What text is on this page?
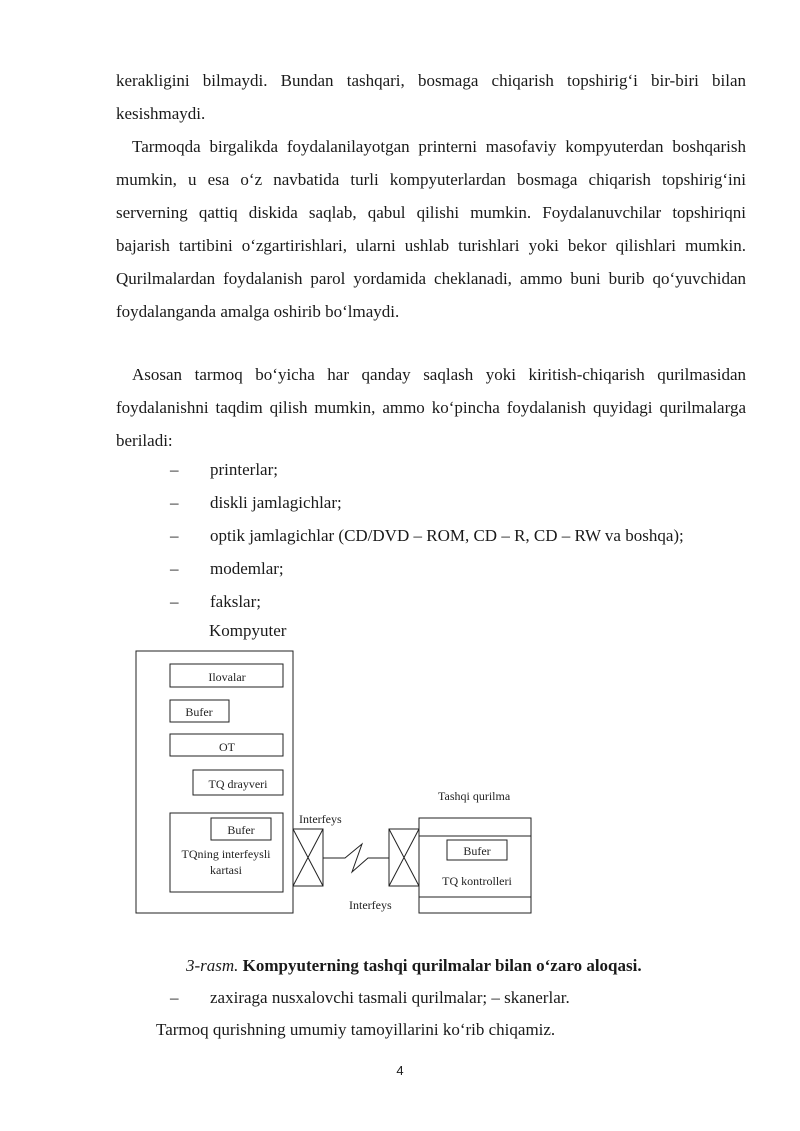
kerakligini bilmaydi. Bundan tashqari, bosmaga chiqarish topshirig‘i bir-biri bilan kesishmaydi.

Tarmoqda birgalikda foydalanilayotgan printerni masofaviy kompyuterdan boshqarish mumkin, u esa o‘z navbatida turli kompyuterlardan bosmaga chiqarish topshirig‘ini serverning qattiq diskida saqlab, qabul qilishi mumkin. Foydalanuvchilar topshiriqni bajarish tartibini o‘zgartirishlari, ularni ushlab turishlari yoki bekor qilishlari mumkin. Qurilmalardan foydalanish parol yordamida cheklanadi, ammo buni burib qo‘yuvchidan foydalanganda amalga oshirib bo‘lmaydi.

Asosan tarmoq bo‘yicha har qanday saqlash yoki kiritish-chiqarish qurilmasidan foydalanishni taqdim qilish mumkin, ammo ko‘pincha foydalanish quyidagi qurilmalarga beriladi:

– printerlar;
– diskli jamlagichlar;
– optik jamlagichlar (CD/DVD – ROM, CD – R, CD – RW va boshqa);
– modemlar;
– fakslar;
Kompyuter
Ilovalar
Bufer
OT
TQ drayveri
Bufer
TQning interfeysli
kartasi
Interfeys
Interfeys
Tashqi qurilma
Bufer
TQ kontrolleri
3-rasm. Kompyuterning tashqi qurilmalar bilan o‘zaro aloqasi.
– zaxiraga nusxalovchi tasmali qurilmalar; – skanerlar.
Tarmoq qurishning umumiy tamoyillarini ko‘rib chiqamiz.
4
